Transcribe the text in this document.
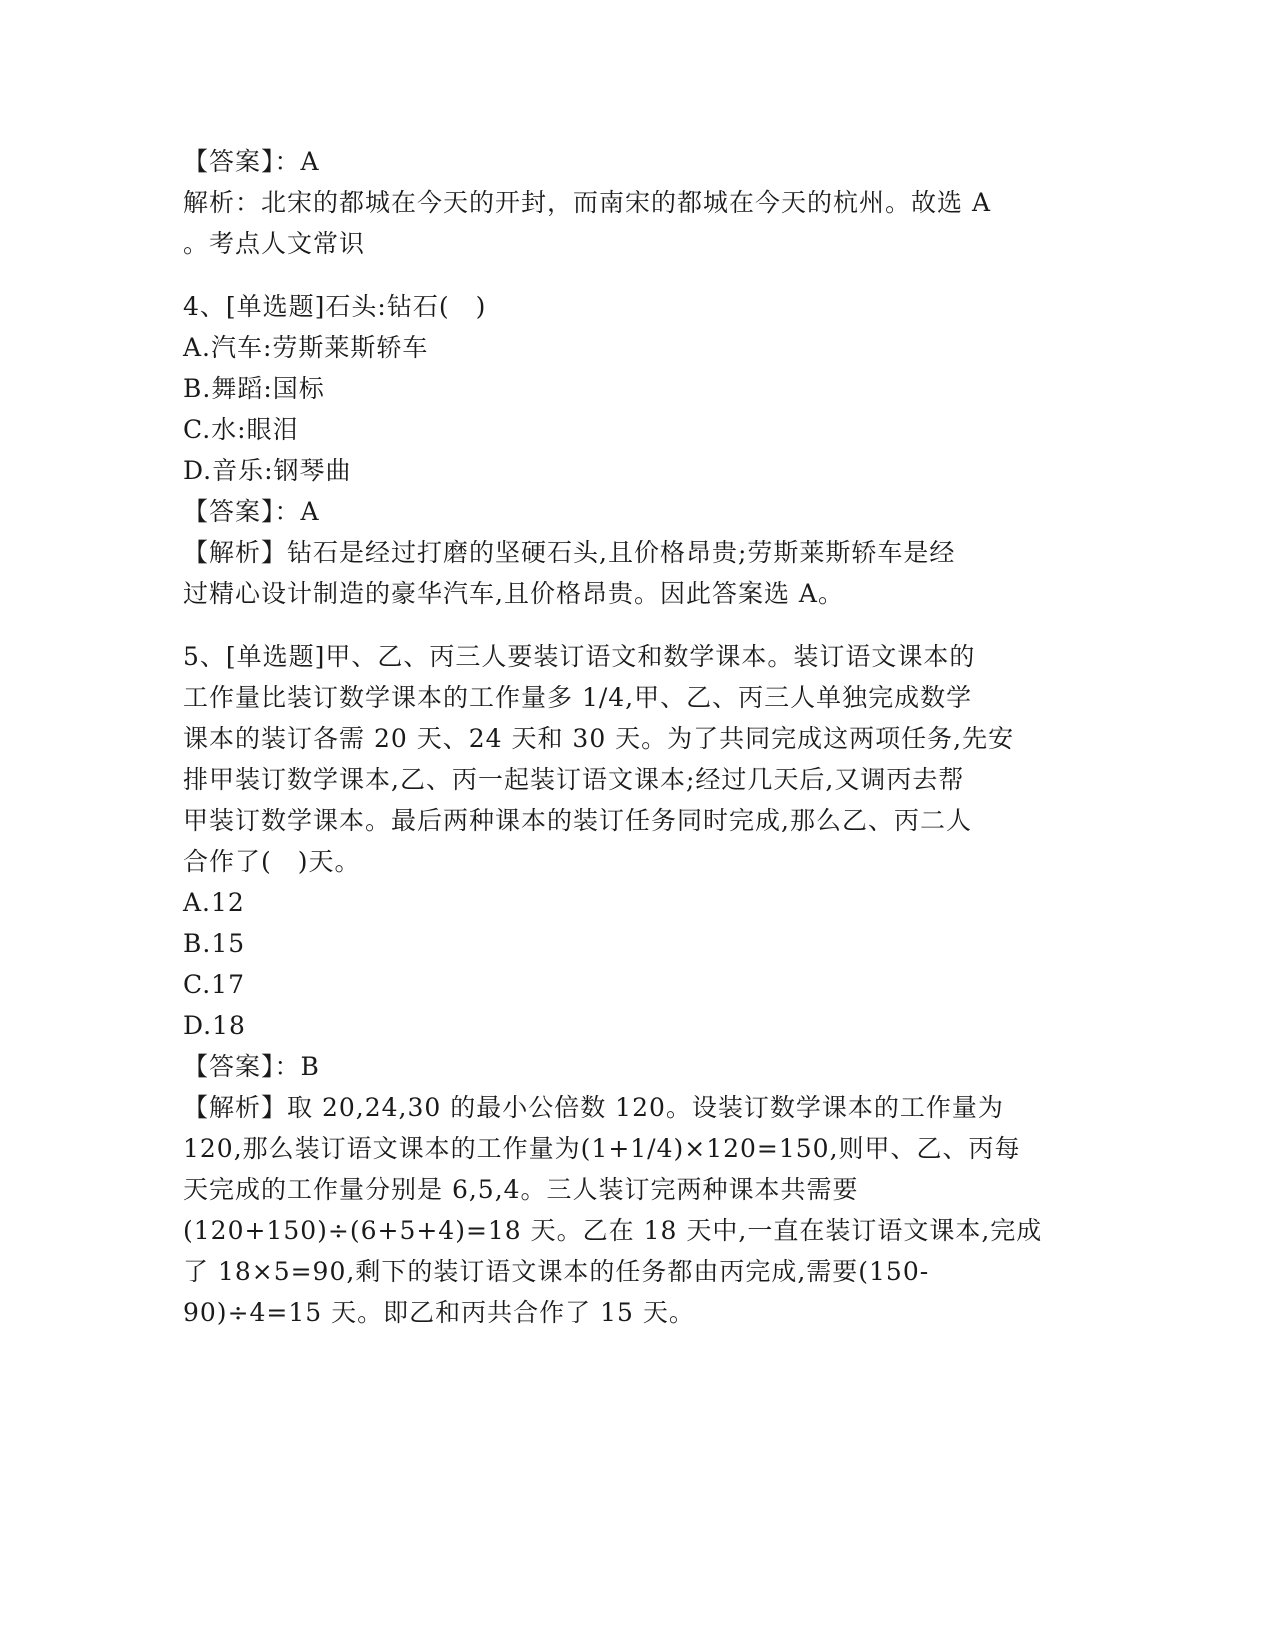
【答案】：A
解析：北宋的都城在今天的开封，而南宋的都城在今天的杭州。故选 A
。考点人文常识
4、[单选题]石头:钻石(　)
A.汽车:劳斯莱斯轿车
B.舞蹈:国标
C.水:眼泪
D.音乐:钢琴曲
【答案】：A
【解析】钻石是经过打磨的坚硬石头,且价格昂贵;劳斯莱斯轿车是经
过精心设计制造的豪华汽车,且价格昂贵。因此答案选 A。
5、[单选题]甲、乙、丙三人要装订语文和数学课本。装订语文课本的
工作量比装订数学课本的工作量多 1/4,甲、乙、丙三人单独完成数学
课本的装订各需 20 天、24 天和 30 天。为了共同完成这两项任务,先安
排甲装订数学课本,乙、丙一起装订语文课本;经过几天后,又调丙去帮
甲装订数学课本。最后两种课本的装订任务同时完成,那么乙、丙二人
合作了(　)天。
A.12
B.15
C.17
D.18
【答案】：B
【解析】取 20,24,30 的最小公倍数 120。设装订数学课本的工作量为
120,那么装订语文课本的工作量为(1+1/4)×120=150,则甲、乙、丙每
天完成的工作量分别是 6,5,4。三人装订完两种课本共需要
(120+150)÷(6+5+4)=18 天。乙在 18 天中,一直在装订语文课本,完成
了 18×5=90,剩下的装订语文课本的任务都由丙完成,需要(150-
90)÷4=15 天。即乙和丙共合作了 15 天。
